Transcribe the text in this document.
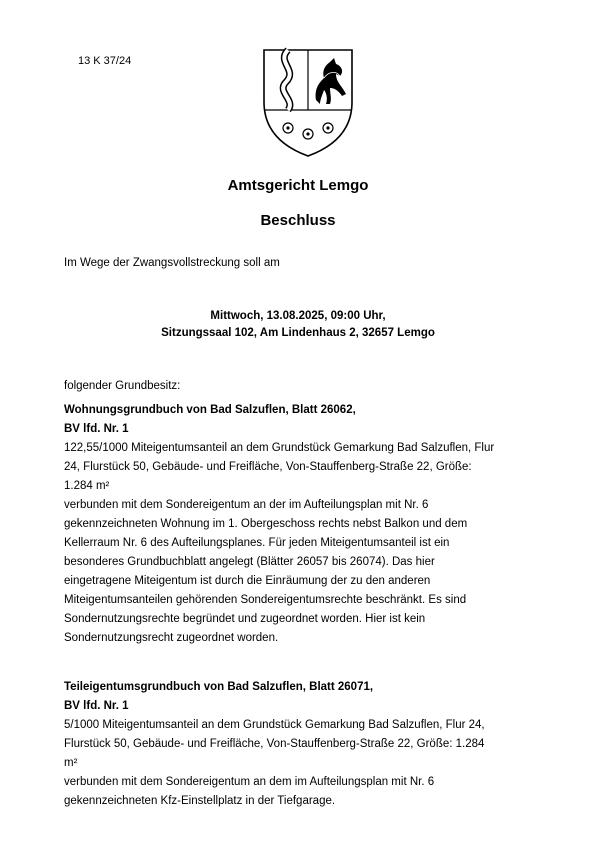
13 K 37/24
Amtsgericht Lemgo
Beschluss
Im Wege der Zwangsvollstreckung soll am
Mittwoch, 13.08.2025, 09:00 Uhr,
Sitzungssaal 102, Am Lindenhaus 2, 32657 Lemgo
folgender Grundbesitz:

Wohnungsgrundbuch von Bad Salzuflen, Blatt 26062,

BV lfd. Nr. 1

122,55/1000 Miteigentumsanteil an dem Grundstück Gemarkung Bad Salzuflen, Flur

24, Flurstück 50, Gebäude- und Freifläche, Von-Stauffenberg-Straße 22, Größe:

1.284 m²

verbunden mit dem Sondereigentum an der im Aufteilungsplan mit Nr. 6

gekennzeichneten Wohnung im 1. Obergeschoss rechts nebst Balkon und dem

Kellerraum Nr. 6 des Aufteilungsplanes. Für jeden Miteigentumsanteil ist ein

besonderes Grundbuchblatt angelegt (Blätter 26057 bis 26074). Das hier

eingetragene Miteigentum ist durch die Einräumung der zu den anderen

Miteigentumsanteilen gehörenden Sondereigentumsrechte beschränkt. Es sind

Sondernutzungsrechte begründet und zugeordnet worden. Hier ist kein

Sondernutzungsrecht zugeordnet worden.

Teileigentumsgrundbuch von Bad Salzuflen, Blatt 26071,

BV lfd. Nr. 1

5/1000 Miteigentumsanteil an dem Grundstück Gemarkung Bad Salzuflen, Flur 24,

Flurstück 50, Gebäude- und Freifläche, Von-Stauffenberg-Straße 22, Größe: 1.284

m²

verbunden mit dem Sondereigentum an dem im Aufteilungsplan mit Nr. 6

gekennzeichneten Kfz-Einstellplatz in der Tiefgarage.
